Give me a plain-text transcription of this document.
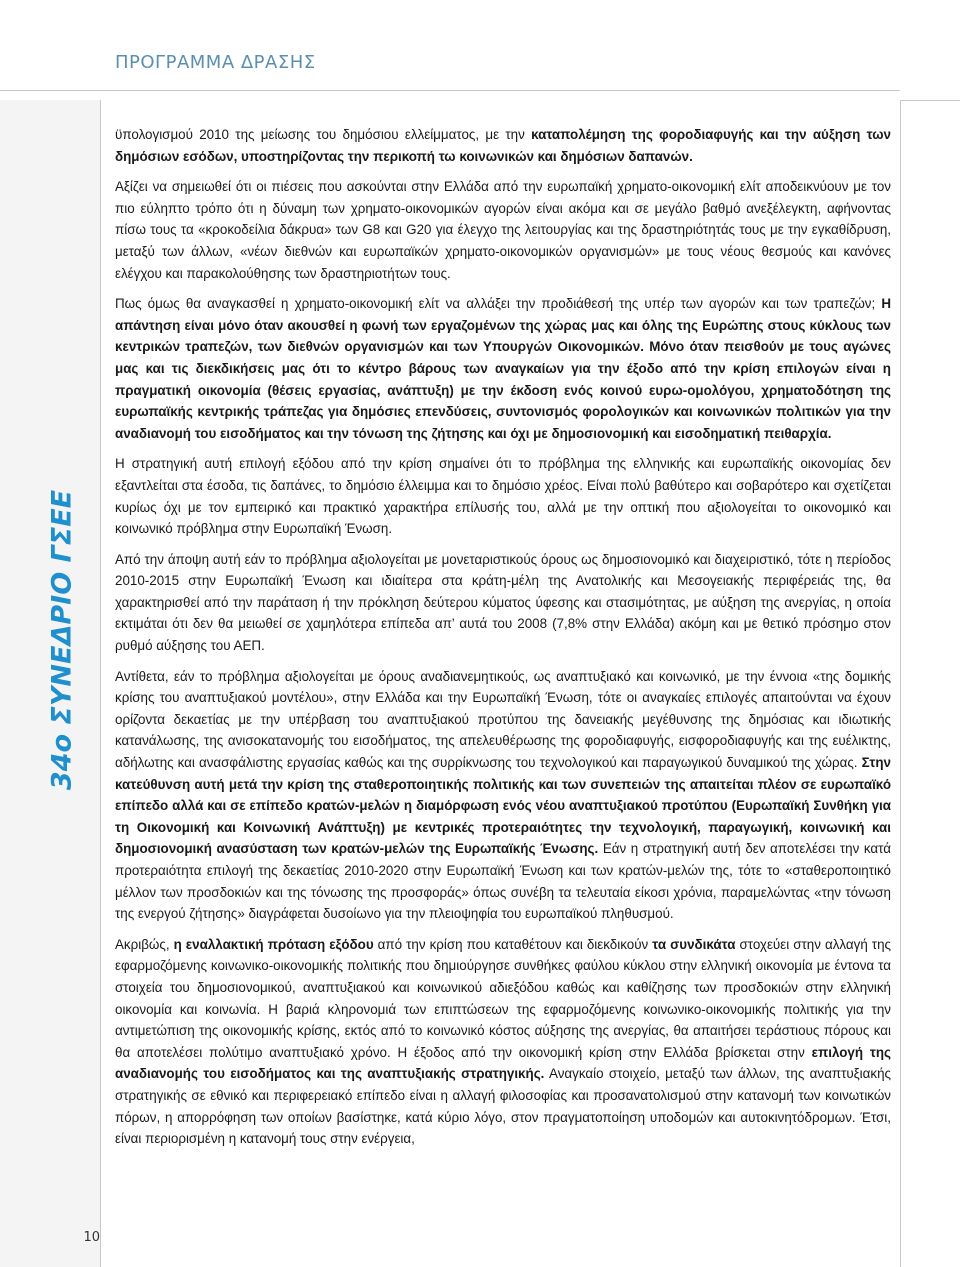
ΠΡΟΓΡΑΜΜΑ ΔΡΑΣΗΣ
34ο ΣΥΝΕΔΡΙΟ ΓΣΕΕ
10

ϋπολογισμού 2010 της μείωσης του δημόσιου ελλείμματος, με την καταπολέμηση της φοροδιαφυγής και την αύξηση των δημόσιων εσόδων, υποστηρίζοντας την περικοπή τω κοινωνικών και δημόσιων δαπανών.

Αξίζει να σημειωθεί ότι οι πιέσεις που ασκούνται στην Ελλάδα από την ευρωπαϊκή χρηματο-οικονομική ελίτ αποδεικνύουν με τον πιο εύληπτο τρόπο ότι η δύναμη των χρηματο-οικονομικών αγορών είναι ακόμα και σε μεγάλο βαθμό ανεξέλεγκτη, αφήνοντας πίσω τους τα «κροκοδείλια δάκρυα» των G8 και G20 για έλεγχο της λειτουργίας και της δραστηριότητάς τους με την εγκαθίδρυση, μεταξύ των άλλων, «νέων διεθνών και ευρωπαϊκών χρηματο-οικονομικών οργανισμών» με τους νέους θεσμούς και κανόνες ελέγχου και παρακολούθησης των δραστηριοτήτων τους.

Πως όμως θα αναγκασθεί η χρηματο-οικονομική ελίτ να αλλάξει την προδιάθεσή της υπέρ των αγορών και των τραπεζών; Η απάντηση είναι μόνο όταν ακουσθεί η φωνή των εργαζομένων της χώρας μας και όλης της Ευρώπης στους κύκλους των κεντρικών τραπεζών, των διεθνών οργανισμών και των Υπουργών Οικονομικών. Μόνο όταν πεισθούν με τους αγώνες μας και τις διεκδικήσεις μας ότι το κέντρο βάρους των αναγκαίων για την έξοδο από την κρίση επιλογών είναι η πραγματική οικονομία (θέσεις εργασίας, ανάπτυξη) με την έκδοση ενός κοινού ευρω-ομολόγου, χρηματοδότηση της ευρωπαϊκής κεντρικής τράπεζας για δημόσιες επενδύσεις, συντονισμός φορολογικών και κοινωνικών πολιτικών για την αναδιανομή του εισοδήματος και την τόνωση της ζήτησης και όχι με δημοσιονομική και εισοδηματική πειθαρχία.

Η στρατηγική αυτή επιλογή εξόδου από την κρίση σημαίνει ότι το πρόβλημα της ελληνικής και ευρωπαϊκής οικονομίας δεν εξαντλείται στα έσοδα, τις δαπάνες, το δημόσιο έλλειμμα και το δημόσιο χρέος. Είναι πολύ βαθύτερο και σοβαρότερο και σχετίζεται κυρίως όχι με τον εμπειρικό και πρακτικό χαρακτήρα επίλυσής του, αλλά με την οπτική που αξιολογείται το οικονομικό και κοινωνικό πρόβλημα στην Ευρωπαϊκή Ένωση.

Από την άποψη αυτή εάν το πρόβλημα αξιολογείται με μονεταριστικούς όρους ως δημοσιονομικό και διαχειριστικό, τότε η περίοδος 2010-2015 στην Ευρωπαϊκή Ένωση και ιδιαίτερα στα κράτη-μέλη της Ανατολικής και Μεσογειακής περιφέρειάς της, θα χαρακτηρισθεί από την παράταση ή την πρόκληση δεύτερου κύματος ύφεσης και στασιμότητας, με αύξηση της ανεργίας, η οποία εκτιμάται ότι δεν θα μειωθεί σε χαμηλότερα επίπεδα απ’ αυτά του 2008 (7,8% στην Ελλάδα) ακόμη και με θετικό πρόσημο στον ρυθμό αύξησης του ΑΕΠ.

Αντίθετα, εάν το πρόβλημα αξιολογείται με όρους αναδιανεμητικούς, ως αναπτυξιακό και κοινωνικό, με την έννοια «της δομικής κρίσης του αναπτυξιακού μοντέλου», στην Ελλάδα και την Ευρωπαϊκή Ένωση, τότε οι αναγκαίες επιλογές απαιτούνται να έχουν ορίζοντα δεκαετίας με την υπέρβαση του αναπτυξιακού προτύπου της δανειακής μεγέθυνσης της δημόσιας και ιδιωτικής κατανάλωσης, της ανισοκατανομής του εισοδήματος, της απελευθέρωσης της φοροδιαφυγής, εισφοροδιαφυγής και της ευέλικτης, αδήλωτης και ανασφάλιστης εργασίας καθώς και της συρρίκνωσης του τεχνολογικού και παραγωγικού δυναμικού της χώρας. Στην κατεύθυνση αυτή μετά την κρίση της σταθεροποιητικής πολιτικής και των συνεπειών της απαιτείται πλέον σε ευρωπαϊκό επίπεδο αλλά και σε επίπεδο κρατών-μελών η διαμόρφωση ενός νέου αναπτυξιακού προτύπου (Ευρωπαϊκή Συνθήκη για τη Οικονομική και Κοινωνική Ανάπτυξη) με κεντρικές προτεραιότητες την τεχνολογική, παραγωγική, κοινωνική και δημοσιονομική ανασύσταση των κρατών-μελών της Ευρωπαϊκής Ένωσης. Εάν η στρατηγική αυτή δεν αποτελέσει την κατά προτεραιότητα επιλογή της δεκαετίας 2010-2020 στην Ευρωπαϊκή Ένωση και των κρατών-μελών της, τότε το «σταθεροποιητικό μέλλον των προσδοκιών και της τόνωσης της προσφοράς» όπως συνέβη τα τελευταία είκοσι χρόνια, παραμελώντας «την τόνωση της ενεργού ζήτησης» διαγράφεται δυσοίωνο για την πλειοψηφία του ευρωπαϊκού πληθυσμού.

Ακριβώς, η εναλλακτική πρόταση εξόδου από την κρίση που καταθέτουν και διεκδικούν τα συνδικάτα στοχεύει στην αλλαγή της εφαρμοζόμενης κοινωνικο-οικονομικής πολιτικής που δημιούργησε συνθήκες φαύλου κύκλου στην ελληνική οικονομία με έντονα τα στοιχεία του δημοσιονομικού, αναπτυξιακού και κοινωνικού αδιεξόδου καθώς και καθίζησης των προσδοκιών στην ελληνική οικονομία και κοινωνία. Η βαριά κληρονομιά των επιπτώσεων της εφαρμοζόμενης κοινωνικο-οικονομικής πολιτικής για την αντιμετώπιση της οικονομικής κρίσης, εκτός από το κοινωνικό κόστος αύξησης της ανεργίας, θα απαιτήσει τεράστιους πόρους και θα αποτελέσει πολύτιμο αναπτυξιακό χρόνο. Η έξοδος από την οικονομική κρίση στην Ελλάδα βρίσκεται στην επιλογή της αναδιανομής του εισοδήματος και της αναπτυξιακής στρατηγικής. Αναγκαίο στοιχείο, μεταξύ των άλλων, της αναπτυξιακής στρατηγικής σε εθνικό και περιφερειακό επίπεδο είναι η αλλαγή φιλοσοφίας και προσανατολισμού στην κατανομή των κοινωτικών πόρων, η απορρόφηση των οποίων βασίστηκε, κατά κύριο λόγο, στον πραγματοποίηση υποδομών και αυτοκινητόδρομων. Έτσι, είναι περιορισμένη η κατανομή τους στην ενέργεια,
